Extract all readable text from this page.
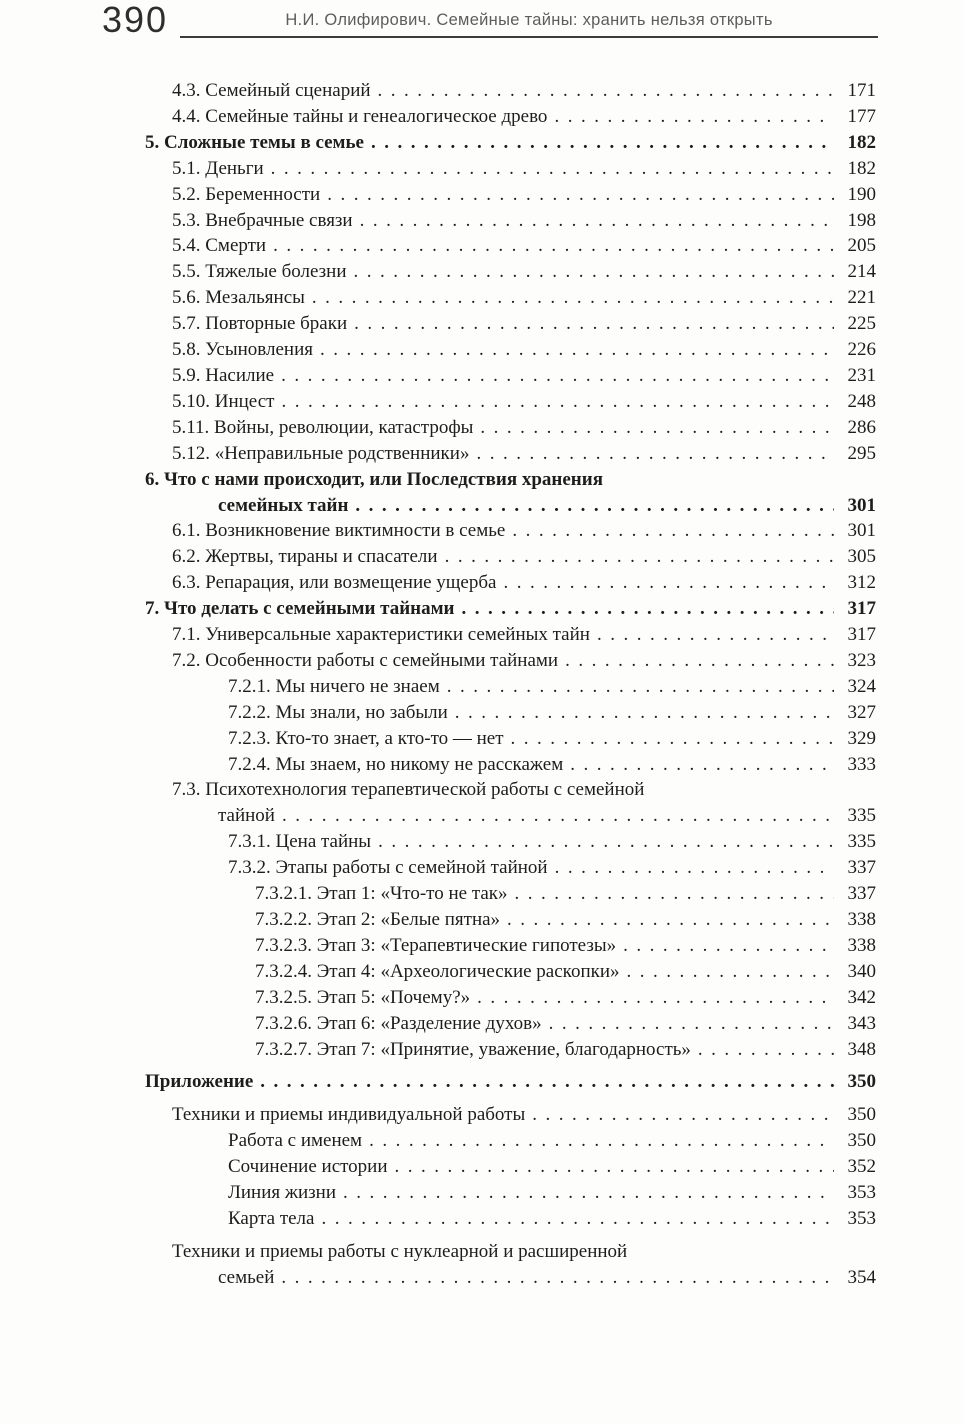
390	Н.И. Олифирович. Семейные тайны: хранить нельзя открыть
4.3. Семейный сценарий .....	171
4.4. Семейные тайны и генеалогическое древо .....	177
5. Сложные темы в семье .....	182
5.1. Деньги .....	182
5.2. Беременности .....	190
5.3. Внебрачные связи .....	198
5.4. Смерти .....	205
5.5. Тяжелые болезни .....	214
5.6. Мезальянсы .....	221
5.7. Повторные браки .....	225
5.8. Усыновления .....	226
5.9. Насилие .....	231
5.10. Инцест .....	248
5.11. Войны, революции, катастрофы .....	286
5.12. «Неправильные родственники» .....	295
6. Что с нами происходит, или Последствия хранения
семейных тайн .....	301
6.1. Возникновение виктимности в семье .....	301
6.2. Жертвы, тираны и спасатели .....	305
6.3. Репарация, или возмещение ущерба .....	312
7. Что делать с семейными тайнами .....	317
7.1. Универсальные характеристики семейных тайн .....	317
7.2. Особенности работы с семейными тайнами .....	323
7.2.1. Мы ничего не знаем .....	324
7.2.2. Мы знали, но забыли .....	327
7.2.3. Кто-то знает, а кто-то — нет .....	329
7.2.4. Мы знаем, но никому не расскажем .....	333
7.3. Психотехнология терапевтической работы с семейной
тайной .....	335
7.3.1. Цена тайны .....	335
7.3.2. Этапы работы с семейной тайной .....	337
7.3.2.1. Этап 1: «Что-то не так» .....	337
7.3.2.2. Этап 2: «Белые пятна» .....	338
7.3.2.3. Этап 3: «Терапевтические гипотезы» .....	338
7.3.2.4. Этап 4: «Археологические раскопки» .....	340
7.3.2.5. Этап 5: «Почему?» .....	342
7.3.2.6. Этап 6: «Разделение духов» .....	343
7.3.2.7. Этап 7: «Принятие, уважение, благодарность» .....	348
Приложение .....	350
Техники и приемы индивидуальной работы .....	350
Работа с именем .....	350
Сочинение истории .....	352
Линия жизни .....	353
Карта тела .....	353
Техники и приемы работы с нуклеарной и расширенной
семьей .....	354
